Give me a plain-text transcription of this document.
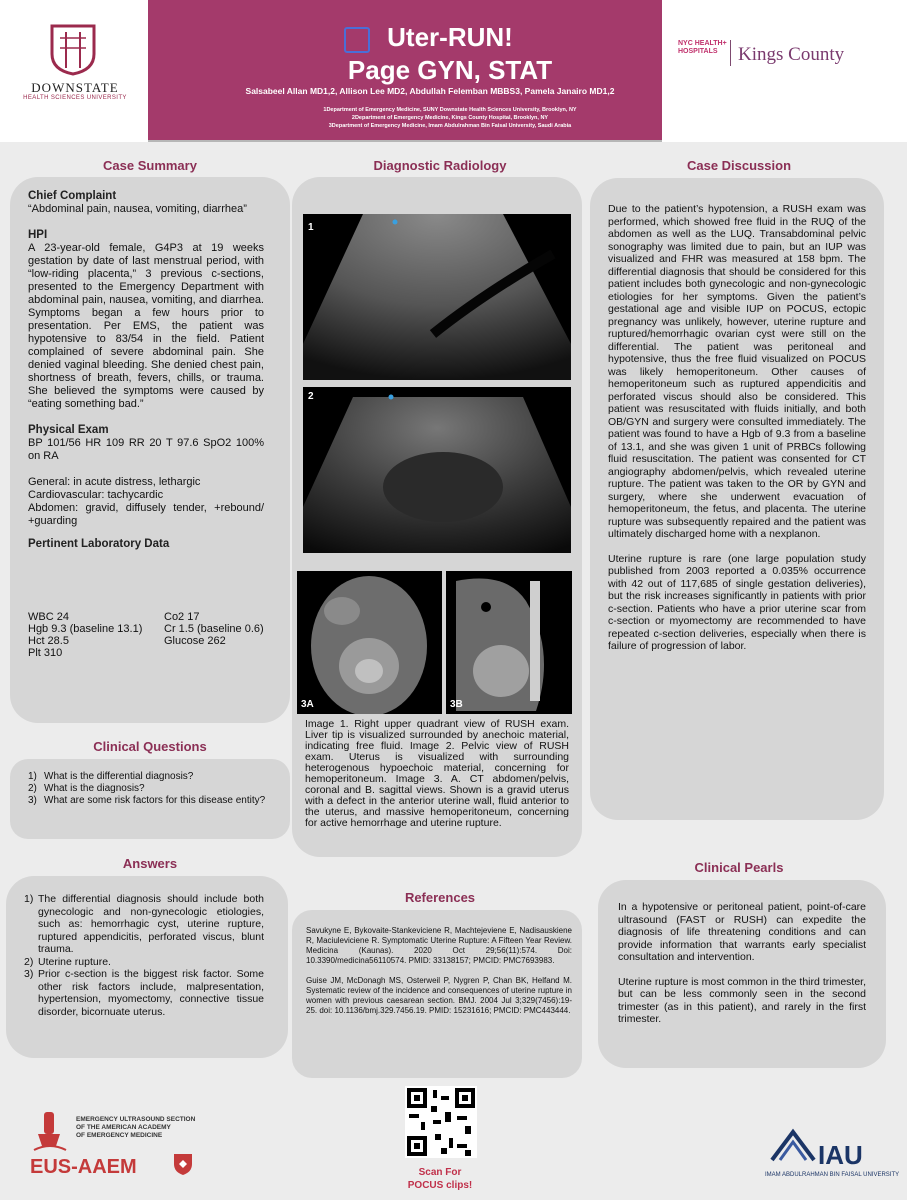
DOWNSTATE
HEALTH SCIENCES UNIVERSITY
Uter-RUN!
Page GYN, STAT
Salsabeel Allan MD1,2, Allison Lee MD2, Abdullah Felemban MBBS3, Pamela Janairo MD1,2
1Department of Emergency Medicine, SUNY Downstate Health Sciences University, Brooklyn, NY
2Department of Emergency Medicine, Kings County Hospital, Brooklyn, NY
3Department of Emergency Medicine, Imam Abdulrahman Bin Faisal University, Saudi Arabia
NYC HEALTH+ HOSPITALS	Kings County
Case Summary
Chief Complaint
“Abdominal pain, nausea, vomiting, diarrhea”
HPI
A 23-year-old female, G4P3 at 19 weeks gestation by date of last menstrual period, with “low-riding placenta,” 3 previous c-sections, presented to the Emergency Department with abdominal pain, nausea, vomiting, and diarrhea. Symptoms began a few hours prior to presentation. Per EMS, the patient was hypotensive to 83/54 in the field. Patient complained of severe abdominal pain. She denied vaginal bleeding. She denied chest pain, shortness of breath, fevers, chills, or trauma. She believed the symptoms were caused by “eating something bad.”
Physical Exam
BP 101/56 HR 109 RR 20 T 97.6 SpO2 100% on RA
General: in acute distress, lethargic
Cardiovascular: tachycardic
Abdomen: gravid, diffusely tender, +rebound/ +guarding
Pertinent Laboratory Data
WBC 24
Hgb 9.3 (baseline 13.1)
Hct 28.5
Plt 310
Co2 17
Cr 1.5 (baseline 0.6)
Glucose 262
Clinical Questions
1) What is the differential diagnosis?
2) What is the diagnosis?
3) What are some risk factors for this disease entity?
Answers
1) The differential diagnosis should include both gynecologic and non-gynecologic etiologies, such as: hemorrhagic cyst, uterine rupture, ruptured appendicitis, perforated viscus, blunt trauma.
2) Uterine rupture.
3) Prior c-section is the biggest risk factor. Some other risk factors include, malpresentation, hypertension, myomectomy, connective tissue disorder, bicornuate uterus.
Diagnostic Radiology
1
2
3A	3B
Image 1. Right upper quadrant view of RUSH exam. Liver tip is visualized surrounded by anechoic material, indicating free fluid. Image 2. Pelvic view of RUSH exam. Uterus is visualized with surrounding heterogenous hypoechoic material, concerning for hemoperitoneum. Image 3. A. CT abdomen/pelvis, coronal and B. sagittal views. Shown is a gravid uterus with a defect in the anterior uterine wall, fluid anterior to the uterus, and massive hemoperitoneum, concerning for active hemorrhage and uterine rupture.
References
Savukyne E, Bykovaite-Stankeviciene R, Machtejeviene E, Nadisauskiene R, Maciuleviciene R. Symptomatic Uterine Rupture: A Fifteen Year Review. Medicina (Kaunas). 2020 Oct 29;56(11):574. Doi: 10.3390/medicina56110574. PMID: 33138157; PMCID: PMC7693983.
Guise JM, McDonagh MS, Osterweil P, Nygren P, Chan BK, Helfand M. Systematic review of the incidence and consequences of uterine rupture in women with previous caesarean section. BMJ. 2004 Jul 3;329(7456):19-25. doi: 10.1136/bmj.329.7456.19. PMID: 15231616; PMCID: PMC443444.
Scan For
POCUS clips!
Case Discussion
Due to the patient’s hypotension, a RUSH exam was performed, which showed free fluid in the RUQ of the abdomen as well as the LUQ. Transabdominal pelvic sonography was limited due to pain, but an IUP was visualized and FHR was measured at 158 bpm. The differential diagnosis that should be considered for this patient includes both gynecologic and non-gynecologic etiologies for her symptoms. Given the patient’s gestational age and visible IUP on POCUS, ectopic pregnancy was unlikely, however, uterine rupture and ruptured/hemorrhagic ovarian cyst were still on the differential. The patient was peritoneal and hypotensive, thus the free fluid visualized on POCUS was likely hemoperitoneum. Other causes of hemoperitoneum such as ruptured appendicitis and perforated viscus should also be considered. This patient was resuscitated with fluids initially, and both OB/GYN and surgery were consulted immediately. The patient was found to have a Hgb of 9.3 from a baseline of 13.1, and she was given 1 unit of PRBCs following fluid resuscitation. The patient was consented for CT angiography abdomen/pelvis, which revealed uterine rupture. The patient was taken to the OR by GYN and surgery, where she underwent evacuation of hemoperitoneum, the fetus, and placenta. The uterine rupture was subsequently repaired and the patient was ultimately discharged home with a nexplanon.
Uterine rupture is rare (one large population study published from 2003 reported a 0.035% occurrence with 42 out of 117,685 of single gestation deliveries), but the risk increases significantly in patients with prior c-section. Patients who have a prior uterine scar from c-section or myomectomy are recommended to have repeated c-section deliveries, especially when there is failure of progression of labor.
Clinical Pearls
In a hypotensive or peritoneal patient, point-of-care ultrasound (FAST or RUSH) can expedite the diagnosis of life threatening conditions and can provide information that warrants early specialist consultation and intervention.
Uterine rupture is most common in the third trimester, but can be less commonly seen in the second trimester (as in this patient), and rarely in the first trimester.
EMERGENCY ULTRASOUND SECTION
OF THE AMERICAN ACADEMY
OF EMERGENCY MEDICINE
EUS-AAEM	IAU
IMAM ABDULRAHMAN BIN FAISAL UNIVERSITY
